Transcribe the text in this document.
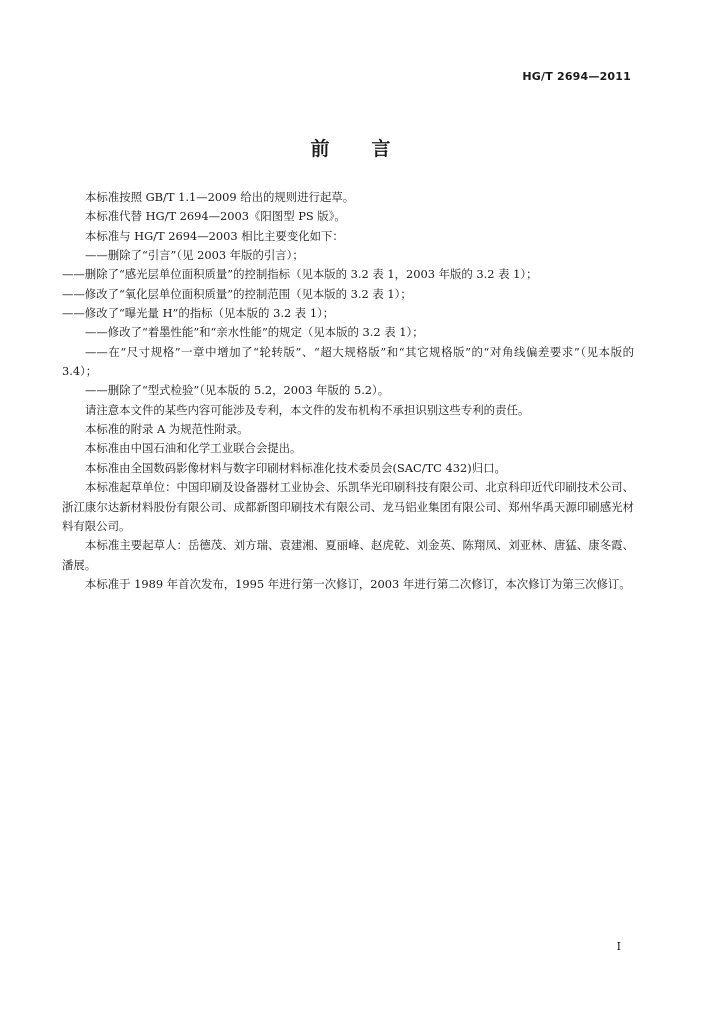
HG/T 2694—2011
前言

本标准按照 GB/T 1.1—2009 给出的规则进行起草。

本标准代替 HG/T 2694—2003《阳图型 PS 版》。

本标准与 HG/T 2694—2003 相比主要变化如下：

——删除了“引言”（见 2003 年版的引言）；

——删除了“感光层单位面积质量”的控制指标（见本版的 3.2 表 1，2003 年版的 3.2 表 1）；

——修改了“氧化层单位面积质量”的控制范围（见本版的 3.2 表 1）；

——修改了“曝光量 H”的指标（见本版的 3.2 表 1）；

——修改了“着墨性能”和“亲水性能”的规定（见本版的 3.2 表 1）；

——在“尺寸规格”一章中增加了“轮转版”、“超大规格版”和“其它规格版”的“对角线偏差要求”（见本版的 3.4）；

——删除了“型式检验”（见本版的 5.2，2003 年版的 5.2）。

请注意本文件的某些内容可能涉及专利，本文件的发布机构不承担识别这些专利的责任。

本标准的附录 A 为规范性附录。

本标准由中国石油和化学工业联合会提出。

本标准由全国数码影像材料与数字印刷材料标准化技术委员会(SAC/TC 432)归口。

本标准起草单位：中国印刷及设备器材工业协会、乐凯华光印刷科技有限公司、北京科印近代印刷技术公司、浙江康尔达新材料股份有限公司、成都新图印刷技术有限公司、龙马铝业集团有限公司、郑州华禹天源印刷感光材料有限公司。

本标准主要起草人：岳德茂、刘方瑞、袁建湘、夏丽峰、赵虎乾、刘金英、陈翔凤、刘亚林、唐猛、康冬霞、潘展。

本标准于 1989 年首次发布，1995 年进行第一次修订，2003 年进行第二次修订，本次修订为第三次修订。

I
